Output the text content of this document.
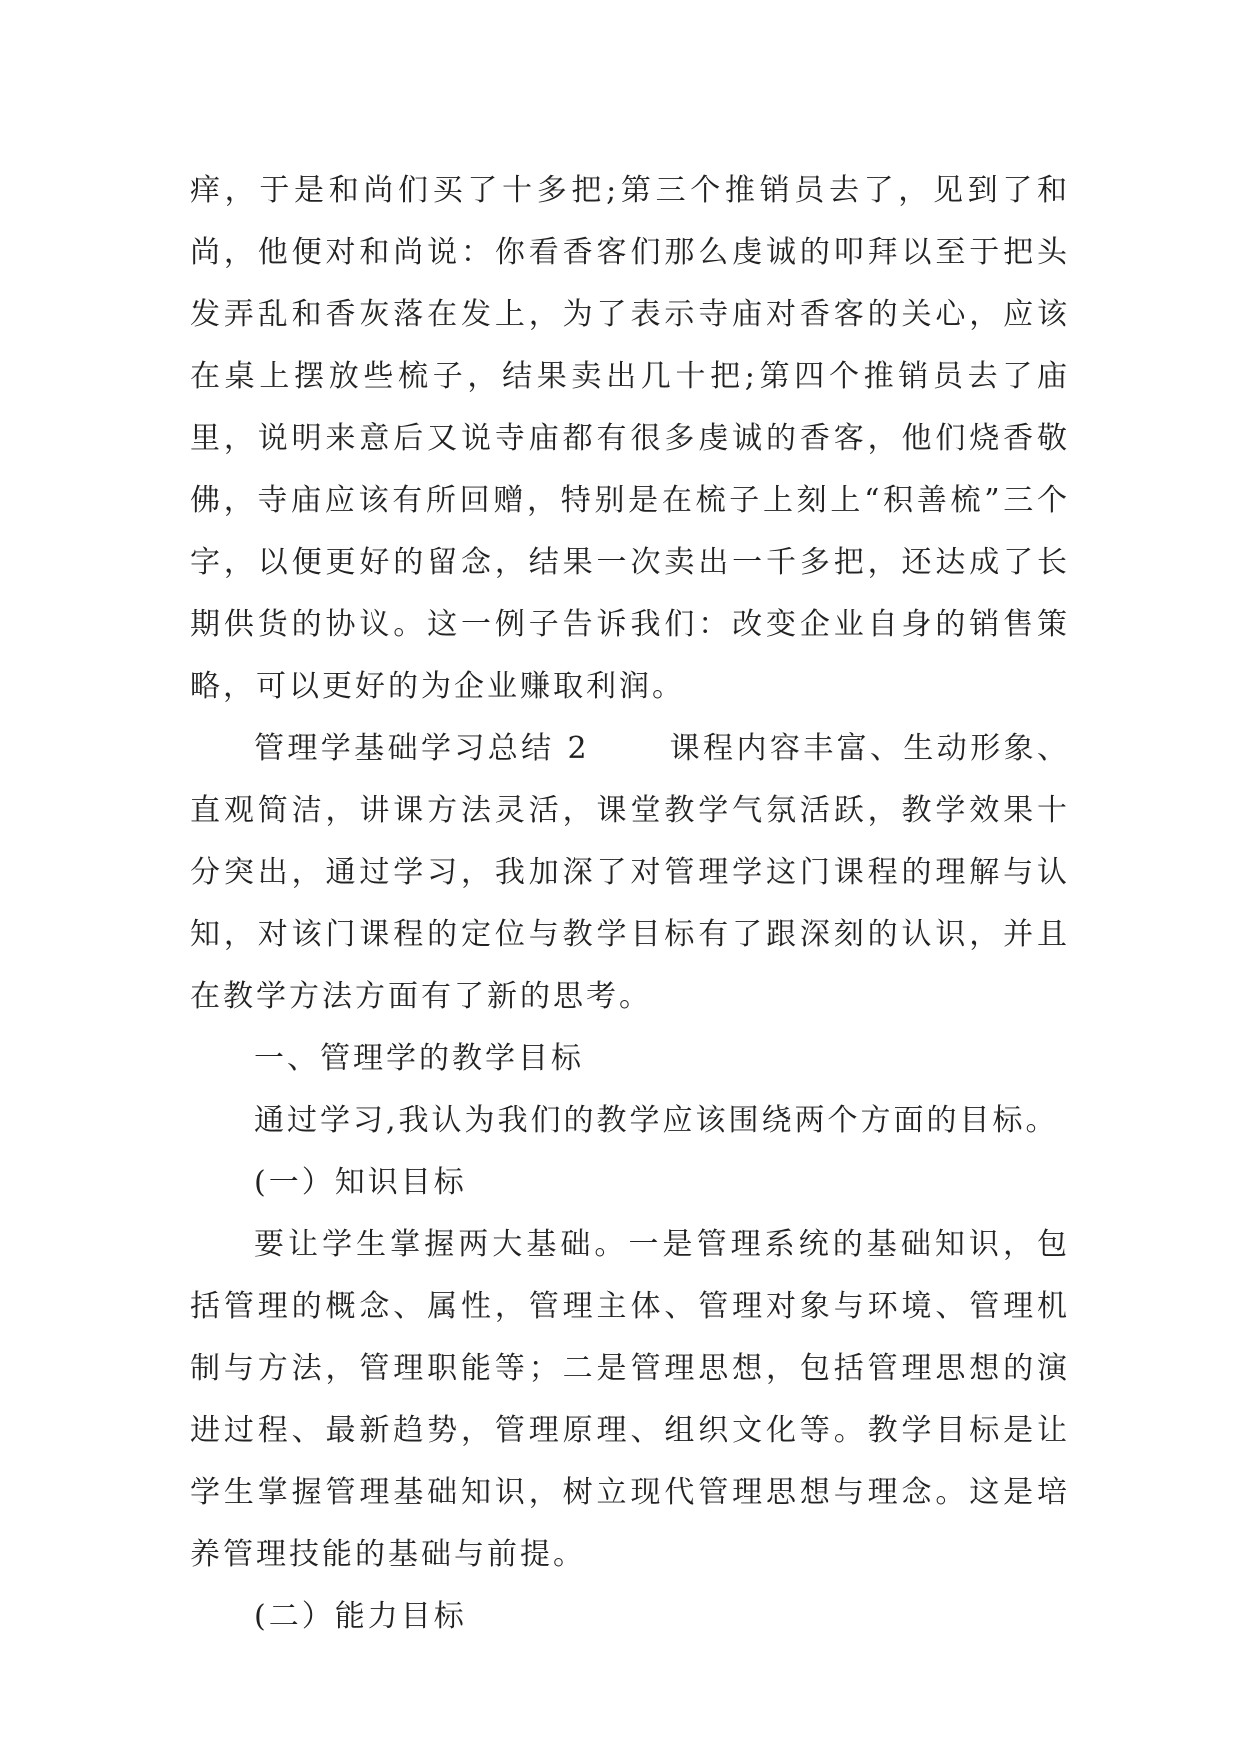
痒，于是和尚们买了十多把;第三个推销员去了，见到了和尚，他便对和尚说：你看香客们那么虔诚的叩拜以至于把头发弄乱和香灰落在发上，为了表示寺庙对香客的关心，应该在桌上摆放些梳子，结果卖出几十把;第四个推销员去了庙里，说明来意后又说寺庙都有很多虔诚的香客，他们烧香敬佛，寺庙应该有所回赠，特别是在梳子上刻上“积善梳”三个字，以便更好的留念，结果一次卖出一千多把，还达成了长期供货的协议。这一例子告诉我们：改变企业自身的销售策略，可以更好的为企业赚取利润。

管理学基础学习总结 2　　 课程内容丰富、生动形象、直观简洁，讲课方法灵活，课堂教学气氛活跃，教学效果十分突出，通过学习，我加深了对管理学这门课程的理解与认知，对该门课程的定位与教学目标有了跟深刻的认识，并且在教学方法方面有了新的思考。

一、管理学的教学目标

通过学习,我认为我们的教学应该围绕两个方面的目标。

(一）知识目标

要让学生掌握两大基础。一是管理系统的基础知识，包括管理的概念、属性，管理主体、管理对象与环境、管理机制与方法，管理职能等；二是管理思想，包括管理思想的演进过程、最新趋势，管理原理、组织文化等。教学目标是让学生掌握管理基础知识，树立现代管理思想与理念。这是培养管理技能的基础与前提。

(二）能力目标
